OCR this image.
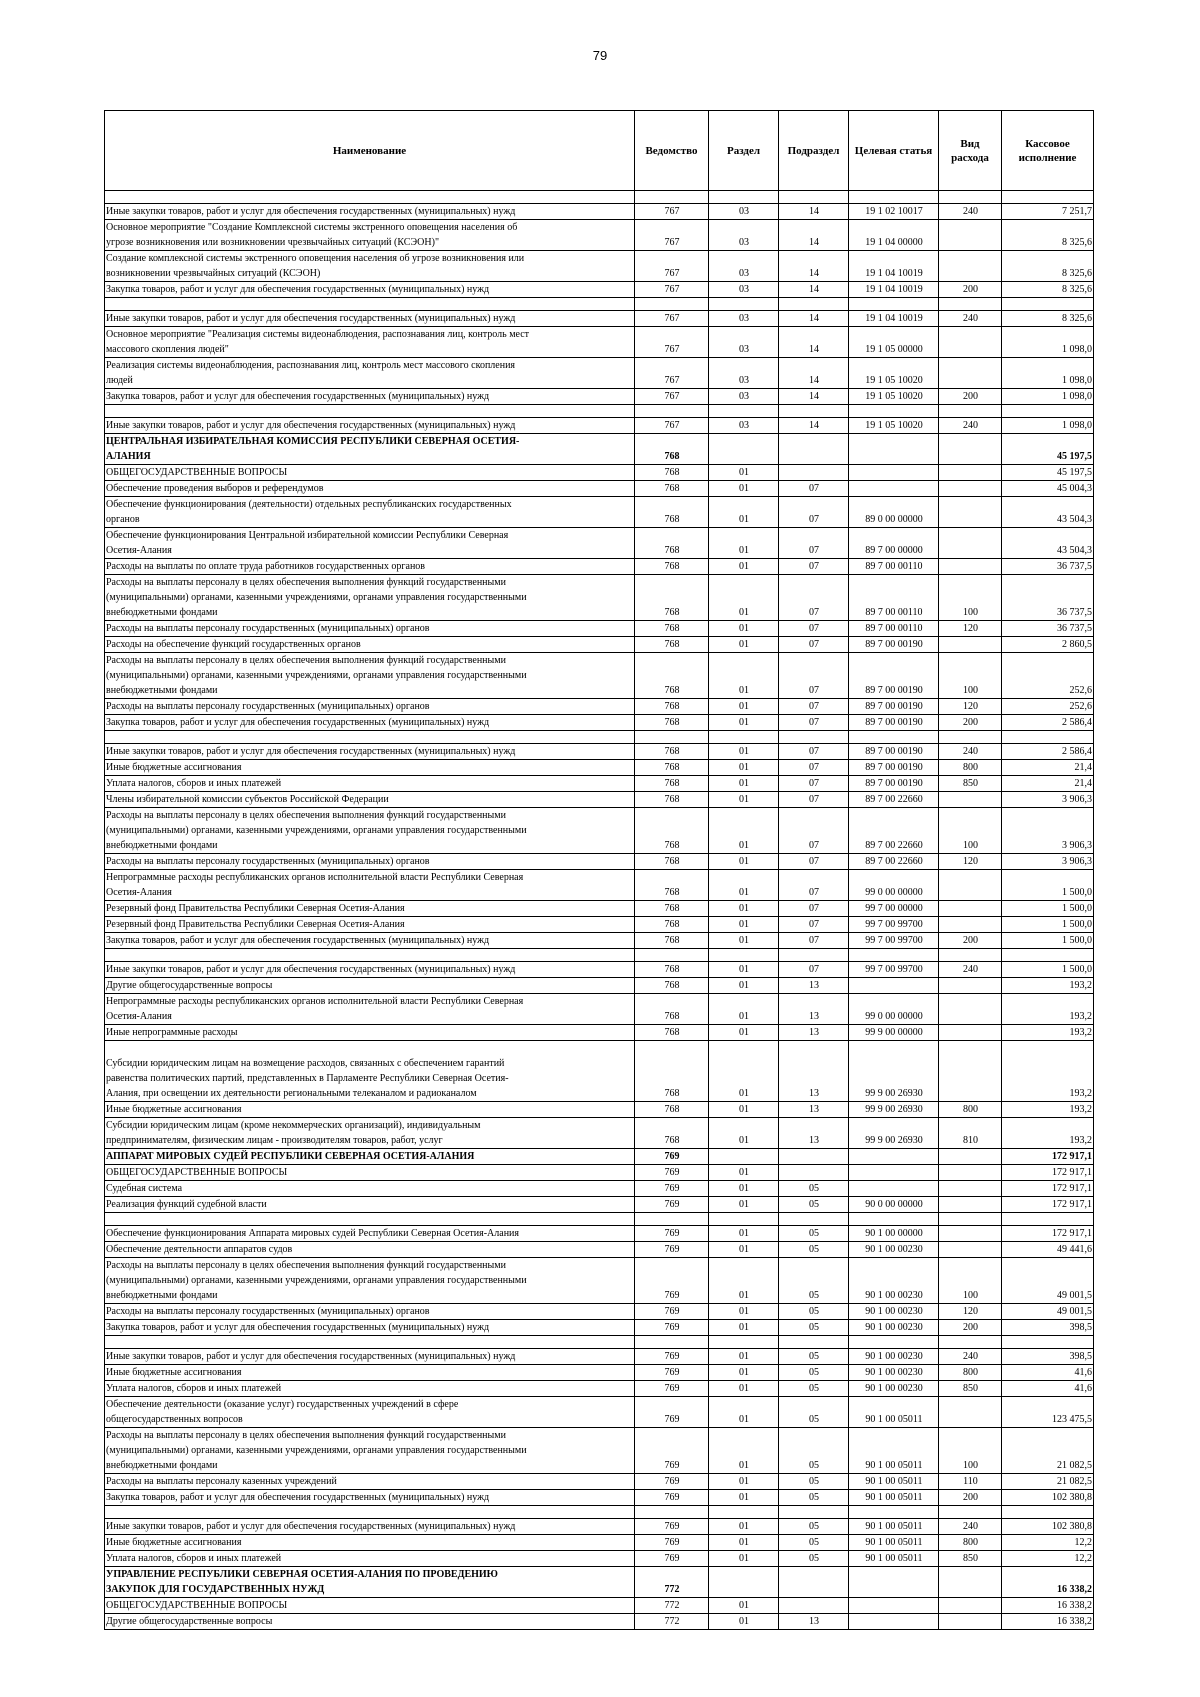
79
Наименование	Ведомство	Раздел	Подраздел	Целевая статья	Вид расхода	Кассовое исполнение

Иные закупки товаров, работ и услуг для обеспечения государственных (муниципальных) нужд	767	03	14	19 1 02 10017	240	7 251,7

Основное мероприятие "Создание Комплексной системы экстренного оповещения населения об
угрозе возникновения или возникновении чрезвычайных ситуаций (КСЭОН)"	767	03	14	19 1 04 00000		8 325,6

Создание комплексной системы экстренного оповещения населения об угрозе возникновения или
возникновении чрезвычайных ситуаций (КСЭОН)	767	03	14	19 1 04 10019		8 325,6

Закупка товаров, работ и услуг для обеспечения государственных (муниципальных) нужд	767	03	14	19 1 04 10019	200	8 325,6

Иные закупки товаров, работ и услуг для обеспечения государственных (муниципальных) нужд	767	03	14	19 1 04 10019	240	8 325,6

Основное мероприятие "Реализация системы видеонаблюдения, распознавания лиц, контроль мест
массового скопления людей"	767	03	14	19 1 05 00000		1 098,0

Реализация системы видеонаблюдения, распознавания лиц, контроль мест массового скопления
людей	767	03	14	19 1 05 10020		1 098,0

Закупка товаров, работ и услуг для обеспечения государственных (муниципальных) нужд	767	03	14	19 1 05 10020	200	1 098,0

Иные закупки товаров, работ и услуг для обеспечения государственных (муниципальных) нужд	767	03	14	19 1 05 10020	240	1 098,0

ЦЕНТРАЛЬНАЯ ИЗБИРАТЕЛЬНАЯ КОМИССИЯ РЕСПУБЛИКИ СЕВЕРНАЯ ОСЕТИЯ-
АЛАНИЯ	768					45 197,5

ОБЩЕГОСУДАРСТВЕННЫЕ ВОПРОСЫ	768	01				45 197,5

Обеспечение проведения выборов и референдумов	768	01	07			45 004,3

Обеспечение функционирования (деятельности) отдельных республиканских государственных
органов	768	01	07	89 0 00 00000		43 504,3

Обеспечение функционирования Центральной избирательной комиссии Республики Северная
Осетия-Алания	768	01	07	89 7 00 00000		43 504,3

Расходы на выплаты по оплате труда работников государственных органов	768	01	07	89 7 00 00110		36 737,5

Расходы на выплаты персоналу в целях обеспечения выполнения функций государственными
(муниципальными) органами, казенными учреждениями, органами управления государственными
внебюджетными фондами	768	01	07	89 7 00 00110	100	36 737,5

Расходы на выплаты персоналу государственных (муниципальных) органов	768	01	07	89 7 00 00110	120	36 737,5

Расходы на обеспечение функций государственных органов	768	01	07	89 7 00 00190		2 860,5

Расходы на выплаты персоналу в целях обеспечения выполнения функций государственными
(муниципальными) органами, казенными учреждениями, органами управления государственными
внебюджетными фондами	768	01	07	89 7 00 00190	100	252,6

Расходы на выплаты персоналу государственных (муниципальных) органов	768	01	07	89 7 00 00190	120	252,6

Закупка товаров, работ и услуг для обеспечения государственных (муниципальных) нужд	768	01	07	89 7 00 00190	200	2 586,4

Иные закупки товаров, работ и услуг для обеспечения государственных (муниципальных) нужд	768	01	07	89 7 00 00190	240	2 586,4

Иные бюджетные ассигнования	768	01	07	89 7 00 00190	800	21,4

Уплата налогов, сборов и иных платежей	768	01	07	89 7 00 00190	850	21,4

Члены избирательной комиссии субъектов Российской Федерации	768	01	07	89 7 00 22660		3 906,3

Расходы на выплаты персоналу в целях обеспечения выполнения функций государственными
(муниципальными) органами, казенными учреждениями, органами управления государственными
внебюджетными фондами	768	01	07	89 7 00 22660	100	3 906,3

Расходы на выплаты персоналу государственных (муниципальных) органов	768	01	07	89 7 00 22660	120	3 906,3

Непрограммные расходы республиканских органов исполнительной власти Республики Северная
Осетия-Алания	768	01	07	99 0 00 00000		1 500,0

Резервный фонд Правительства Республики Северная Осетия-Алания	768	01	07	99 7 00 00000		1 500,0

Резервный фонд Правительства Республики Северная Осетия-Алания	768	01	07	99 7 00 99700		1 500,0

Закупка товаров, работ и услуг для обеспечения государственных (муниципальных) нужд	768	01	07	99 7 00 99700	200	1 500,0

Иные закупки товаров, работ и услуг для обеспечения государственных (муниципальных) нужд	768	01	07	99 7 00 99700	240	1 500,0

Другие общегосударственные вопросы	768	01	13			193,2

Непрограммные расходы республиканских органов исполнительной власти Республики Северная
Осетия-Алания	768	01	13	99 0 00 00000		193,2

Иные непрограммные расходы	768	01	13	99 9 00 00000		193,2

Субсидии юридическим лицам на возмещение расходов, связанных с обеспечением гарантий
равенства политических партий, представленных в Парламенте Республики Северная Осетия-
Алания, при освещении их деятельности региональными телеканалом и радиоканалом	768	01	13	99 9 00 26930		193,2

Иные бюджетные ассигнования	768	01	13	99 9 00 26930	800	193,2

Субсидии юридическим лицам (кроме некоммерческих организаций), индивидуальным
предпринимателям, физическим лицам - производителям товаров, работ, услуг	768	01	13	99 9 00 26930	810	193,2

АППАРАТ МИРОВЫХ СУДЕЙ РЕСПУБЛИКИ СЕВЕРНАЯ ОСЕТИЯ-АЛАНИЯ	769					172 917,1

ОБЩЕГОСУДАРСТВЕННЫЕ ВОПРОСЫ	769	01				172 917,1

Судебная система	769	01	05			172 917,1

Реализация функций судебной власти	769	01	05	90 0 00 00000		172 917,1

Обеспечение функционирования Аппарата мировых судей Республики Северная Осетия-Алания	769	01	05	90 1 00 00000		172 917,1

Обеспечение деятельности аппаратов судов	769	01	05	90 1 00 00230		49 441,6

Расходы на выплаты персоналу в целях обеспечения выполнения функций государственными
(муниципальными) органами, казенными учреждениями, органами управления государственными
внебюджетными фондами	769	01	05	90 1 00 00230	100	49 001,5

Расходы на выплаты персоналу государственных (муниципальных) органов	769	01	05	90 1 00 00230	120	49 001,5

Закупка товаров, работ и услуг для обеспечения государственных (муниципальных) нужд	769	01	05	90 1 00 00230	200	398,5

Иные закупки товаров, работ и услуг для обеспечения государственных (муниципальных) нужд	769	01	05	90 1 00 00230	240	398,5

Иные бюджетные ассигнования	769	01	05	90 1 00 00230	800	41,6

Уплата налогов, сборов и иных платежей	769	01	05	90 1 00 00230	850	41,6

Обеспечение деятельности (оказание услуг) государственных учреждений в сфере
общегосударственных вопросов	769	01	05	90 1 00 05011		123 475,5

Расходы на выплаты персоналу в целях обеспечения выполнения функций государственными
(муниципальными) органами, казенными учреждениями, органами управления государственными
внебюджетными фондами	769	01	05	90 1 00 05011	100	21 082,5

Расходы на выплаты персоналу казенных учреждений	769	01	05	90 1 00 05011	110	21 082,5

Закупка товаров, работ и услуг для обеспечения государственных (муниципальных) нужд	769	01	05	90 1 00 05011	200	102 380,8

Иные закупки товаров, работ и услуг для обеспечения государственных (муниципальных) нужд	769	01	05	90 1 00 05011	240	102 380,8

Иные бюджетные ассигнования	769	01	05	90 1 00 05011	800	12,2

Уплата налогов, сборов и иных платежей	769	01	05	90 1 00 05011	850	12,2

УПРАВЛЕНИЕ РЕСПУБЛИКИ СЕВЕРНАЯ ОСЕТИЯ-АЛАНИЯ ПО ПРОВЕДЕНИЮ
ЗАКУПОК ДЛЯ ГОСУДАРСТВЕННЫХ НУЖД	772					16 338,2

ОБЩЕГОСУДАРСТВЕННЫЕ ВОПРОСЫ	772	01				16 338,2

Другие общегосударственные вопросы	772	01	13			16 338,2
